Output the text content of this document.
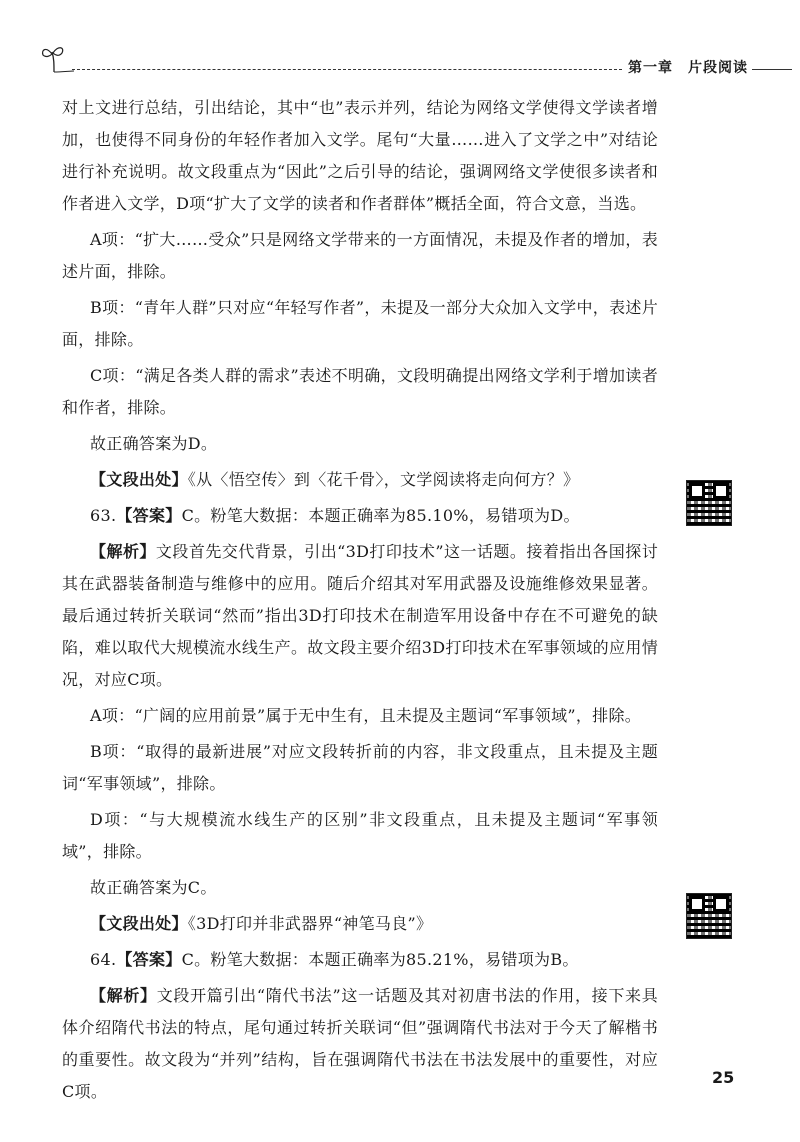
第一章　片段阅读

对上文进行总结，引出结论，其中“也”表示并列，结论为网络文学使得文学读者增加，也使得不同身份的年轻作者加入文学。尾句“大量……进入了文学之中”对结论进行补充说明。故文段重点为“因此”之后引导的结论，强调网络文学使很多读者和作者进入文学，D项“扩大了文学的读者和作者群体”概括全面，符合文意，当选。

A项：“扩大……受众”只是网络文学带来的一方面情况，未提及作者的增加，表述片面，排除。

B项：“青年人群”只对应“年轻写作者”，未提及一部分大众加入文学中，表述片面，排除。

C项：“满足各类人群的需求”表述不明确，文段明确提出网络文学利于增加读者和作者，排除。

故正确答案为D。

【文段出处】《从〈悟空传〉到〈花千骨〉，文学阅读将走向何方？》

63.【答案】C。粉笔大数据：本题正确率为85.10%，易错项为D。

【解析】文段首先交代背景，引出“3D打印技术”这一话题。接着指出各国探讨其在武器装备制造与维修中的应用。随后介绍其对军用武器及设施维修效果显著。最后通过转折关联词“然而”指出3D打印技术在制造军用设备中存在不可避免的缺陷，难以取代大规模流水线生产。故文段主要介绍3D打印技术在军事领域的应用情况，对应C项。

A项：“广阔的应用前景”属于无中生有，且未提及主题词“军事领域”，排除。

B项：“取得的最新进展”对应文段转折前的内容，非文段重点，且未提及主题词“军事领域”，排除。

D项：“与大规模流水线生产的区别”非文段重点，且未提及主题词“军事领域”，排除。

故正确答案为C。

【文段出处】《3D打印并非武器界“神笔马良”》

64.【答案】C。粉笔大数据：本题正确率为85.21%，易错项为B。

【解析】文段开篇引出“隋代书法”这一话题及其对初唐书法的作用，接下来具体介绍隋代书法的特点，尾句通过转折关联词“但”强调隋代书法对于今天了解楷书的重要性。故文段为“并列”结构，旨在强调隋代书法在书法发展中的重要性，对应C项。

25
